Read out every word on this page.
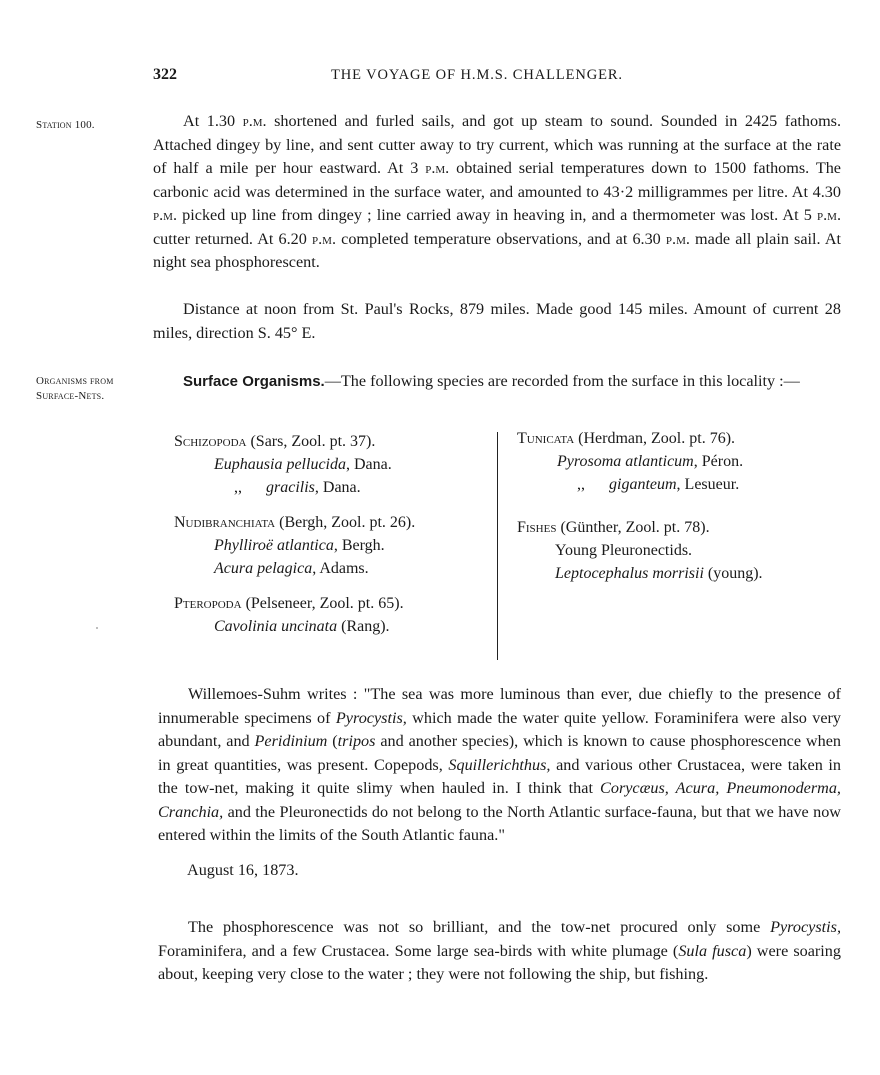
322	THE VOYAGE OF H.M.S. CHALLENGER.
Station 100.
Organisms from
Surface-Nets.

At 1.30 p.m. shortened and furled sails, and got up steam to sound. Sounded in 2425 fathoms. Attached dingey by line, and sent cutter away to try current, which was running at the surface at the rate of half a mile per hour eastward. At 3 p.m. obtained serial temperatures down to 1500 fathoms. The carbonic acid was determined in the surface water, and amounted to 43·2 milligrammes per litre. At 4.30 p.m. picked up line from dingey ; line carried away in heaving in, and a thermometer was lost. At 5 p.m. cutter returned. At 6.20 p.m. completed temperature observations, and at 6.30 p.m. made all plain sail. At night sea phosphorescent.

Distance at noon from St. Paul's Rocks, 879 miles. Made good 145 miles. Amount of current 28 miles, direction S. 45° E.

Surface Organisms.—The following species are recorded from the surface in this locality :—

Schizopoda (Sars, Zool. pt. 37).
Euphausia pellucida, Dana.
,, gracilis, Dana.
Nudibranchiata (Bergh, Zool. pt. 26).
Phylliroë atlantica, Bergh.
Acura pelagica, Adams.
Pteropoda (Pelseneer, Zool. pt. 65).
Cavolinia uncinata (Rang).
Tunicata (Herdman, Zool. pt. 76).
Pyrosoma atlanticum, Péron.
,, giganteum, Lesueur.
Fishes (Günther, Zool. pt. 78).
Young Pleuronectids.
Leptocephalus morrisii (young).

Willemoes-Suhm writes : "The sea was more luminous than ever, due chiefly to the presence of innumerable specimens of Pyrocystis, which made the water quite yellow. Foraminifera were also very abundant, and Peridinium (tripos and another species), which is known to cause phosphorescence when in great quantities, was present. Copepods, Squillerichthus, and various other Crustacea, were taken in the tow-net, making it quite slimy when hauled in. I think that Corycæus, Acura, Pneumonoderma, Cranchia, and the Pleuronectids do not belong to the North Atlantic surface-fauna, but that we have now entered within the limits of the South Atlantic fauna."

August 16, 1873.

The phosphorescence was not so brilliant, and the tow-net procured only some Pyrocystis, Foraminifera, and a few Crustacea. Some large sea-birds with white plumage (Sula fusca) were soaring about, keeping very close to the water ; they were not following the ship, but fishing.
